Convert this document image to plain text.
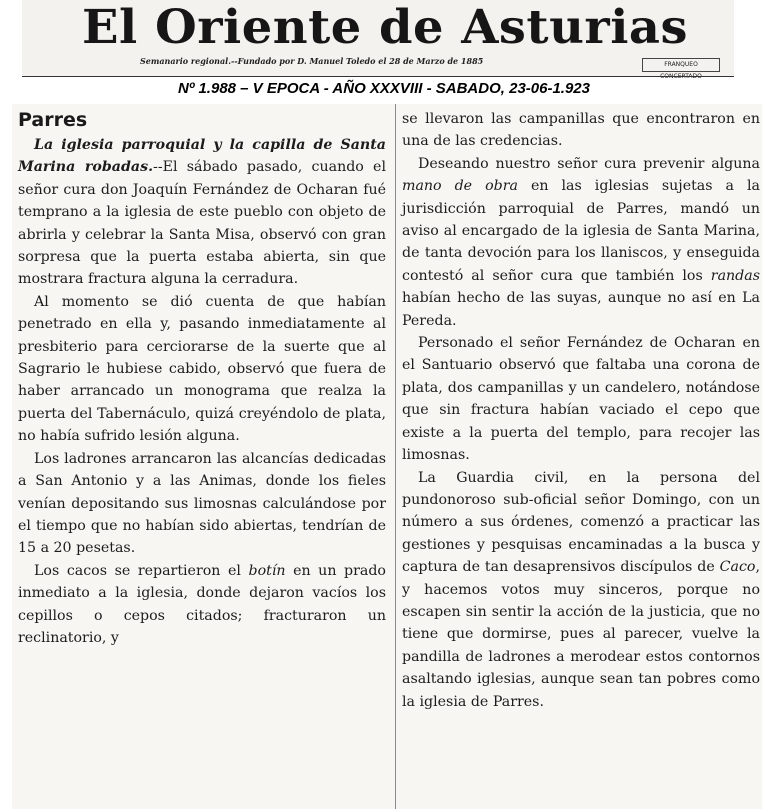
El Oriente de Asturias
Semanario regional.--Fundado por D. Manuel Toledo el 28 de Marzo de 1885	FRANQUEO
Nº 1.988 – V EPOCA - AÑO XXXVIII - SABADO, 23-06-1.923
Parres

La iglesia parroquial y la capilla de Santa Marina robadas.--El sábado pasado, cuando el señor cura don Joaquín Fernández de Ocharan fué temprano a la iglesia de este pueblo con objeto de abrirla y celebrar la Santa Misa, observó con gran sorpresa que la puerta estaba abierta, sin que mostrara fractura alguna la cerradura.

Al momento se dió cuenta de que habían penetrado en ella y, pasando inmediatamente al presbiterio para cerciorarse de la suerte que al Sagrario le hubiese cabido, observó que fuera de haber arrancado un monograma que realza la puerta del Tabernáculo, quizá creyéndolo de plata, no había sufrido lesión alguna.

Los ladrones arrancaron las alcancías dedicadas a San Antonio y a las Animas, donde los fieles venían depositando sus limosnas calculándose por el tiempo que no habían sido abiertas, tendrían de 15 a 20 pesetas.

Los cacos se repartieron el botín en un prado inmediato a la iglesia, donde dejaron vacíos los cepillos o cepos citados; fracturaron un reclinatorio, y

se llevaron las campanillas que encontraron en una de las credencias.

Deseando nuestro señor cura prevenir alguna mano de obra en las iglesias sujetas a la jurisdicción parroquial de Parres, mandó un aviso al encargado de la iglesia de Santa Marina, de tanta devoción para los llaniscos, y enseguida contestó al señor cura que también los randas habían hecho de las suyas, aunque no así en La Pereda.

Personado el señor Fernández de Ocharan en el Santuario observó que faltaba una corona de plata, dos campanillas y un candelero, notándose que sin fractura habían vaciado el cepo que existe a la puerta del templo, para recojer las limosnas.

La Guardia civil, en la persona del pundonoroso sub-oficial señor Domingo, con un número a sus órdenes, comenzó a practicar las gestiones y pesquisas encaminadas a la busca y captura de tan desaprensivos discípulos de Caco, y hacemos votos muy sinceros, porque no escapen sin sentir la acción de la justicia, que no tiene que dormirse, pues al parecer, vuelve la pandilla de ladrones a merodear estos contornos asaltando iglesias, aunque sean tan pobres como la iglesia de Parres.
